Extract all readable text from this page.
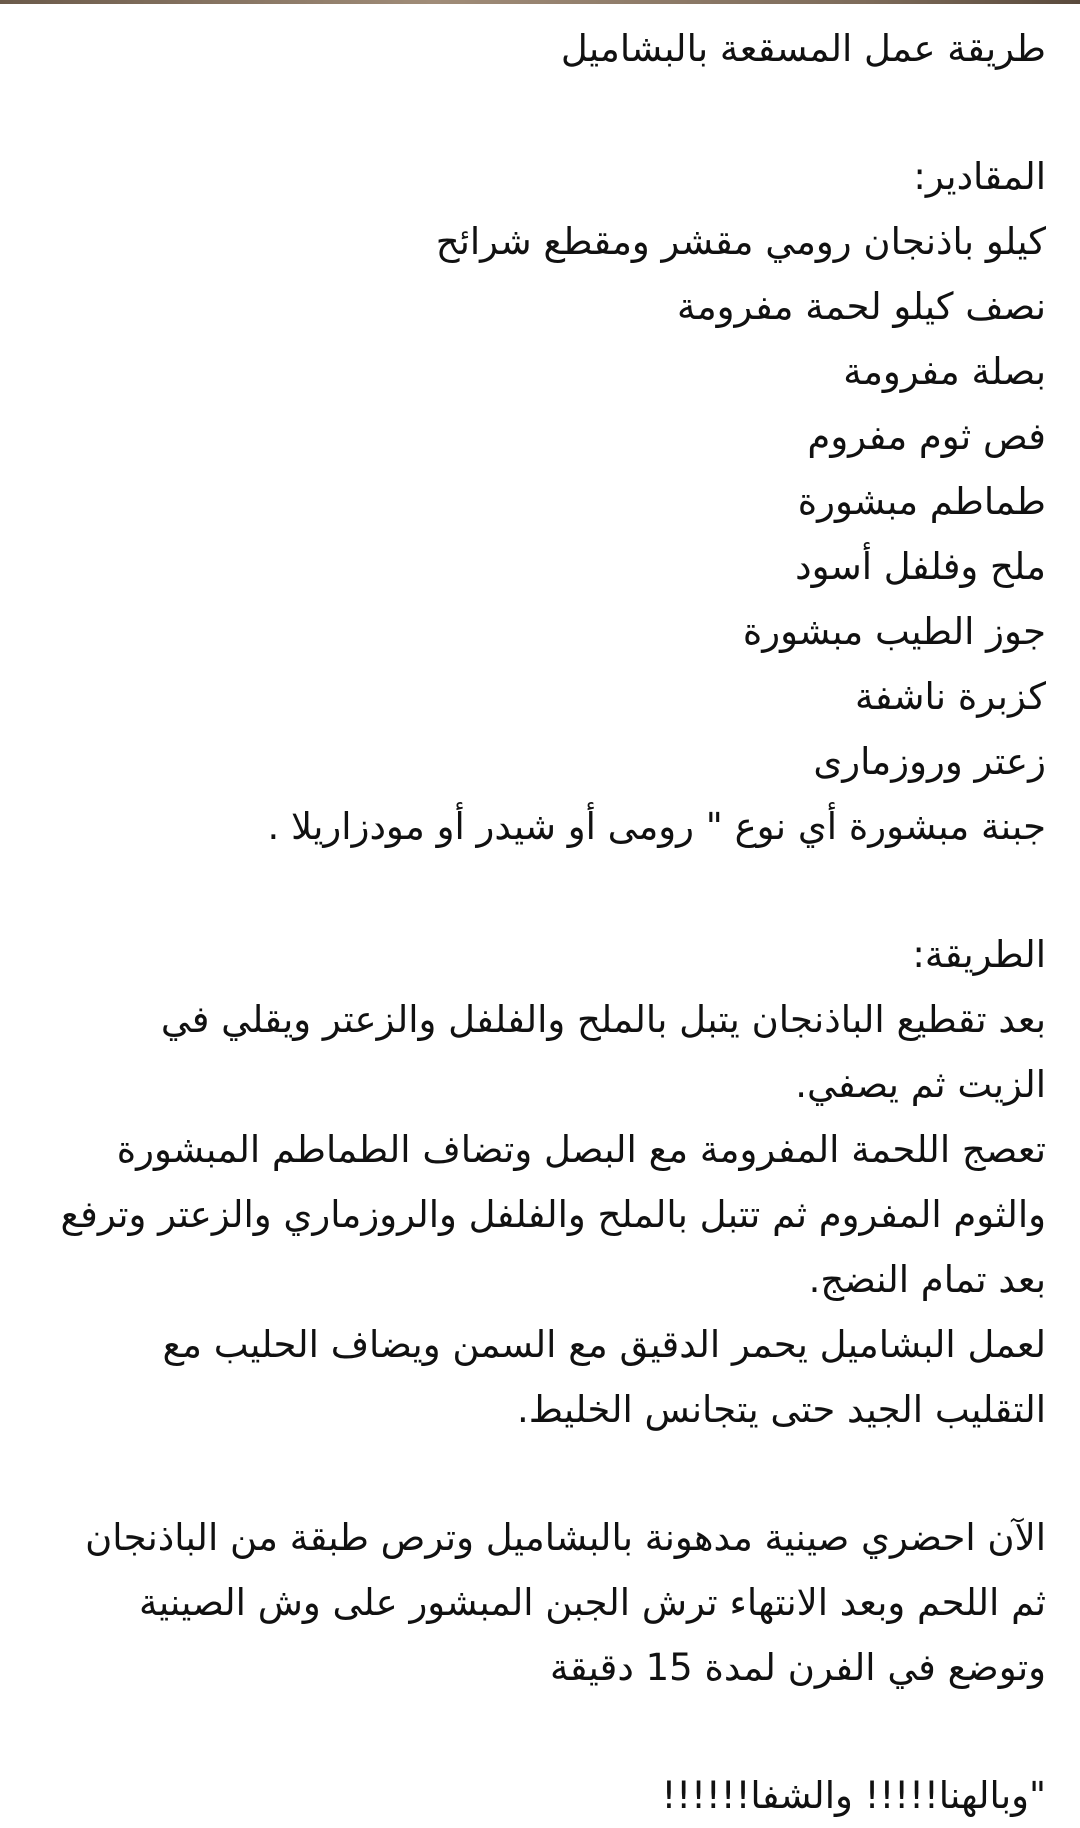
طريقة عمل المسقعة بالبشاميل

المقادير:

كيلو باذنجان رومي مقشر ومقطع شرائح

نصف كيلو لحمة مفرومة

بصلة مفرومة

فص ثوم مفروم

طماطم مبشورة

ملح وفلفل أسود

جوز الطيب مبشورة

كزبرة ناشفة

زعتر وروزمارى

جبنة مبشورة أي نوع " رومى أو شيدر أو مودزاريلا .

الطريقة:

بعد تقطيع الباذنجان يتبل بالملح والفلفل والزعتر ويقلي في

الزيت ثم يصفي.

تعصج اللحمة المفرومة مع البصل وتضاف الطماطم المبشورة

والثوم المفروم ثم تتبل بالملح والفلفل والروزماري والزعتر وترفع

بعد تمام النضج.

لعمل البشاميل يحمر الدقيق مع السمن ويضاف الحليب مع

التقليب الجيد حتى يتجانس الخليط.

الآن احضري صينية مدهونة بالبشاميل وترص طبقة من الباذنجان

ثم اللحم وبعد الانتهاء ترش الجبن المبشور على وش الصينية

وتوضع في الفرن لمدة 15 دقيقة

"وبالهنا!!!!! والشفا!!!!!!
